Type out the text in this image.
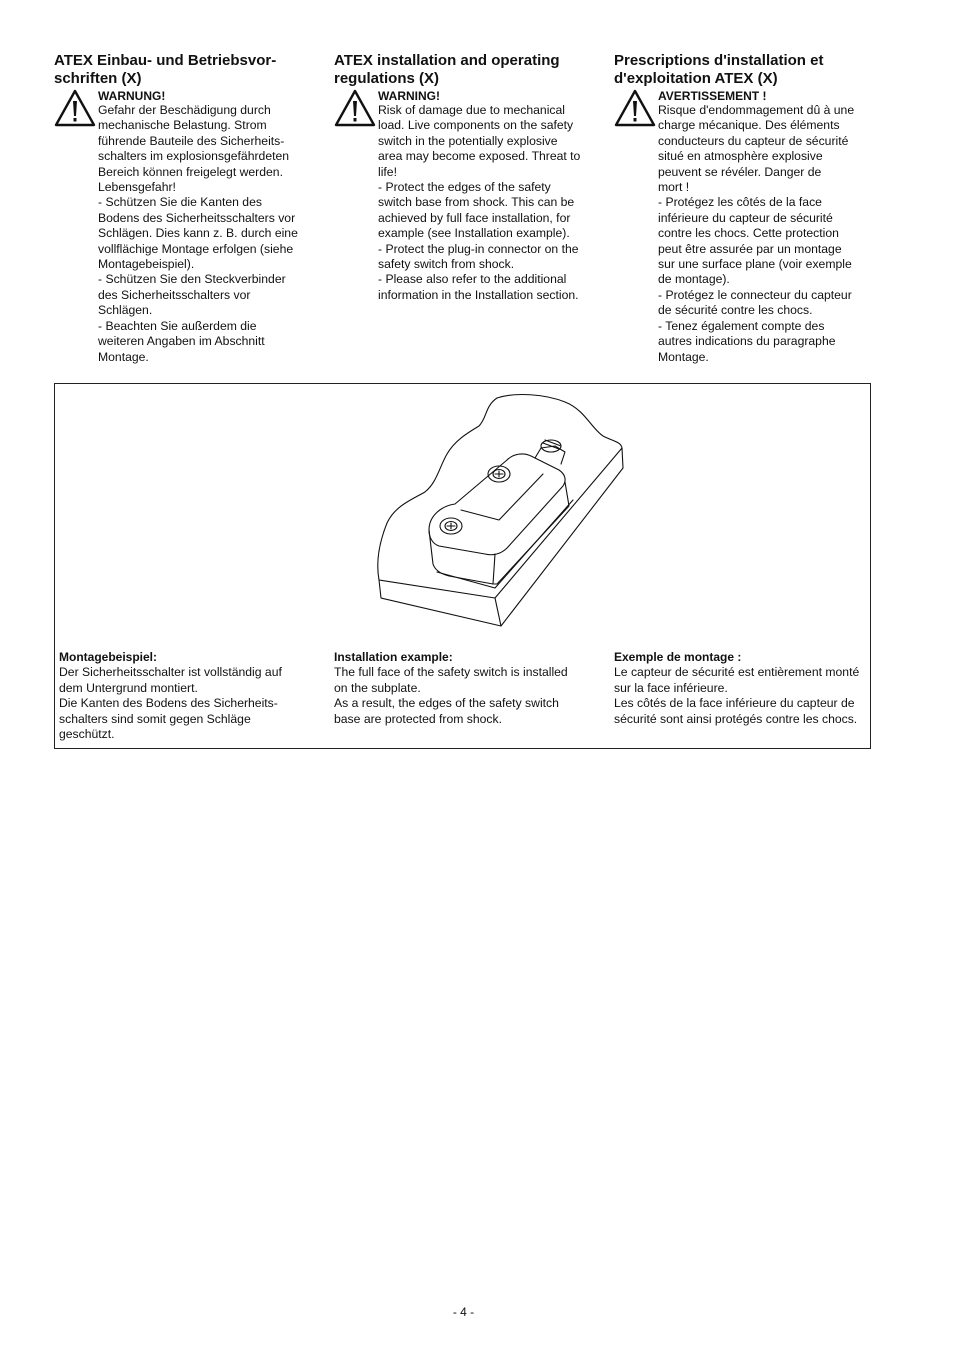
ATEX Einbau- und Betriebsvor-
schriften (X)
WARNUNG!
Gefahr der Beschädigung durch
mechanische Belastung. Strom
führende Bauteile des Sicherheits-
schalters im explosionsgefährdeten
Bereich können freigelegt werden.
Lebensgefahr!
- Schützen Sie die Kanten des
Bodens des Sicherheitsschalters vor
Schlägen. Dies kann z. B. durch eine
vollflächige Montage erfolgen (siehe
Montagebeispiel).
- Schützen Sie den Steckverbinder
des Sicherheitsschalters vor
Schlägen.
- Beachten Sie außerdem die
weiteren Angaben im Abschnitt
Montage.
ATEX installation and operating
regulations (X)
WARNING!
Risk of damage due to mechanical
load. Live components on the safety
switch in the potentially explosive
area may become exposed. Threat to
life!
- Protect the edges of the safety
switch base from shock. This can be
achieved by full face installation, for
example (see Installation example).
- Protect the plug-in connector on the
safety switch from shock.
- Please also refer to the additional
information in the Installation section.
Prescriptions d'installation et
d'exploitation ATEX (X)
AVERTISSEMENT !
Risque d'endommagement dû à une
charge mécanique. Des éléments
conducteurs du capteur de sécurité
situé en atmosphère explosive
peuvent se révéler. Danger de
mort !
- Protégez les côtés de la face
inférieure du capteur de sécurité
contre les chocs. Cette protection
peut être assurée par un montage
sur une surface plane (voir exemple
de montage).
- Protégez le connecteur du capteur
de sécurité contre les chocs.
- Tenez également compte des
autres indications du paragraphe
Montage.
Montagebeispiel:
Der Sicherheitsschalter ist vollständig auf
dem Untergrund montiert.
Die Kanten des Bodens des Sicherheits-
schalters sind somit gegen Schläge
geschützt.
Installation example:
The full face of the safety switch is installed
on the subplate.
As a result, the edges of the safety switch
base are protected from shock.
Exemple de montage :
Le capteur de sécurité est entièrement monté
sur la face inférieure.
Les côtés de la face inférieure du capteur de
sécurité sont ainsi protégés contre les chocs.
- 4 -
